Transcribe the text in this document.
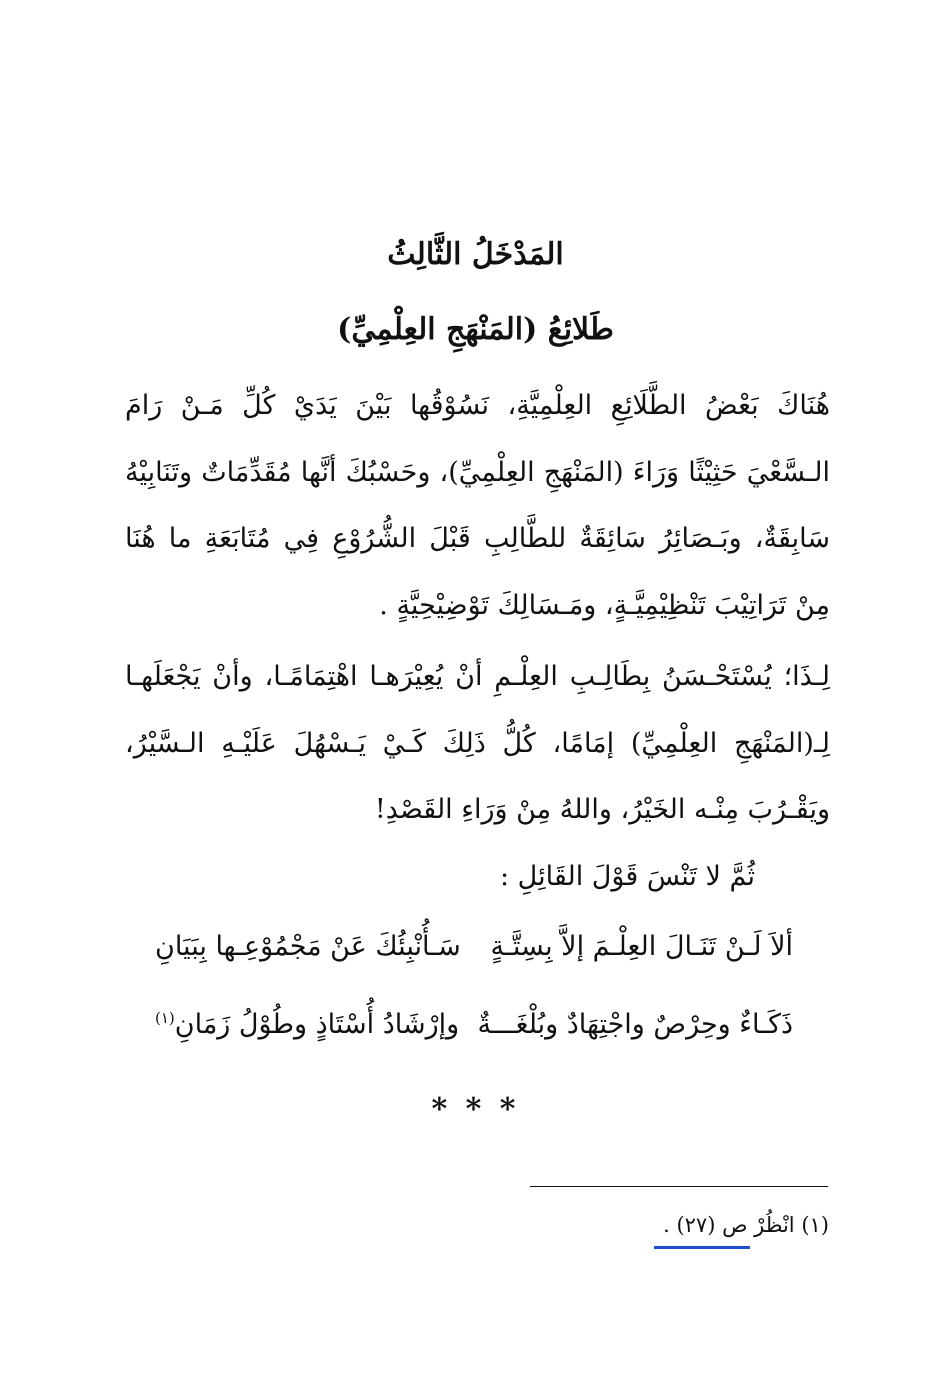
المَدْخَلُ الثَّالِثُ
طَلائِعُ (المَنْهَجِ العِلْمِيِّ)
هُنَاكَ بَعْضُ الطَّلَائِعِ العِلْمِيَّةِ، نَسُوْقُها بَيْنَ يَدَيْ كُلِّ مَـنْ رَامَ الـسَّعْيَ حَثِيْثًا وَرَاءَ (المَنْهَجِ العِلْمِيِّ)، وحَسْبُكَ أنَّها مُقَدِّمَاتٌ وتَنَابِيْهُ سَابِقَةٌ، وبَـصَائِرُ سَائِقَةٌ للطَّالِبِ قَبْلَ الشُّرُوْعِ فِي مُتَابَعَةِ ما هُنَا مِنْ تَرَاتِيْبَ تَنْظِيْمِيَّـةٍ، ومَـسَالِكَ تَوْضِيْحِيَّةٍ .
لِـذَا؛ يُسْتَحْـسَنُ بِطَالِـبِ العِلْـمِ أنْ يُعِيْرَهـا اهْتِمَامًـا، وأنْ يَجْعَلَهـا لِـ(المَنْهَجِ العِلْمِيِّ) إمَامًا، كُلُّ ذَلِكَ كَـيْ يَـسْهُلَ عَلَيْـهِ الـسَّيْرُ، ويَقْـرُبَ مِنْـه الخَيْرُ، واللهُ مِنْ وَرَاءِ القَصْدِ!
ثُمَّ لا تَنْسَ قَوْلَ القَائِلِ :
ألاَ لَـنْ تَنَـالَ العِلْـمَ إلاَّ بِسِتَّـةٍ
سَـأُنْبِئُكَ عَنْ مَجْمُوْعِـها بِبَيَانِ
ذَكَـاءٌ وحِرْصٌ واجْتِهَادٌ وبُلْغَـــةٌ
وإرْشَادُ أُسْتَاذٍ وطُوْلُ زَمَانِ$^{(١)}$
* * *
(١) انْظُرْ ص (٢٧) .
